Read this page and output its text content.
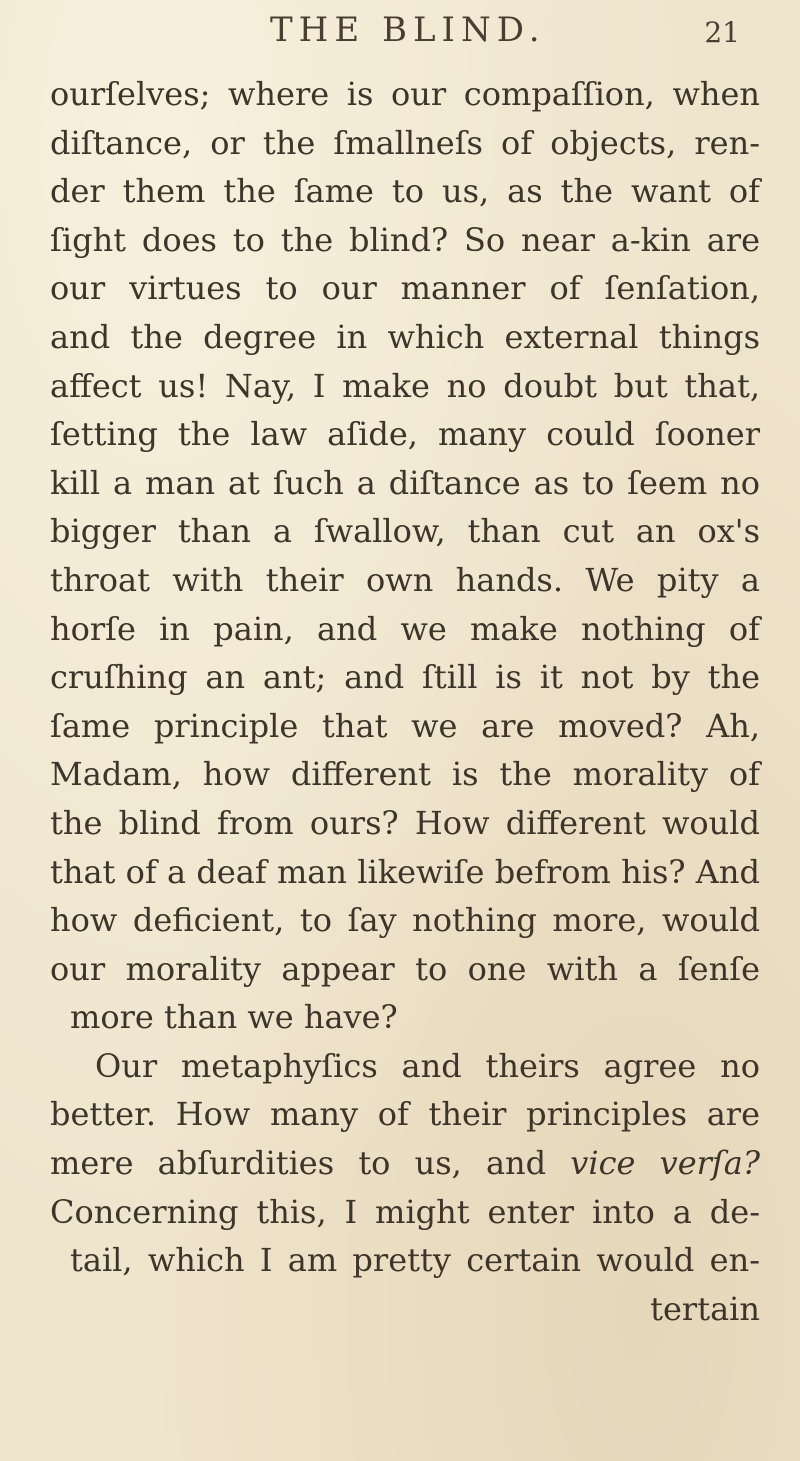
THE BLIND.	21
ourſelves; where is our compaſſion, when
diſtance, or the ſmallneſs of objects, ren-
der them the ſame to us, as the want of
ſight does to the blind? So near a-kin are
our virtues to our manner of ſenſation,
and the degree in which external things
affect us! Nay, I make no doubt but that,
ſetting the law aſide, many could ſooner
kill a man at ſuch a diſtance as to ſeem no
bigger than a ſwallow, than cut an ox's
throat with their own hands. We pity a
horſe in pain, and we make nothing of
cruſhing an ant; and ſtill is it not by the
ſame principle that we are moved? Ah,
Madam, how different is the morality of
the blind from ours? How different would
that of a deaf man likewiſe befrom his? And
how deficient, to ſay nothing more, would
our morality appear to one with a ſenſe
more than we have?
Our metaphyſics and theirs agree no
better. How many of their principles are
mere abſurdities to us, and vice verſa?
Concerning this, I might enter into a de-
tail, which I am pretty certain would en-
tertain
